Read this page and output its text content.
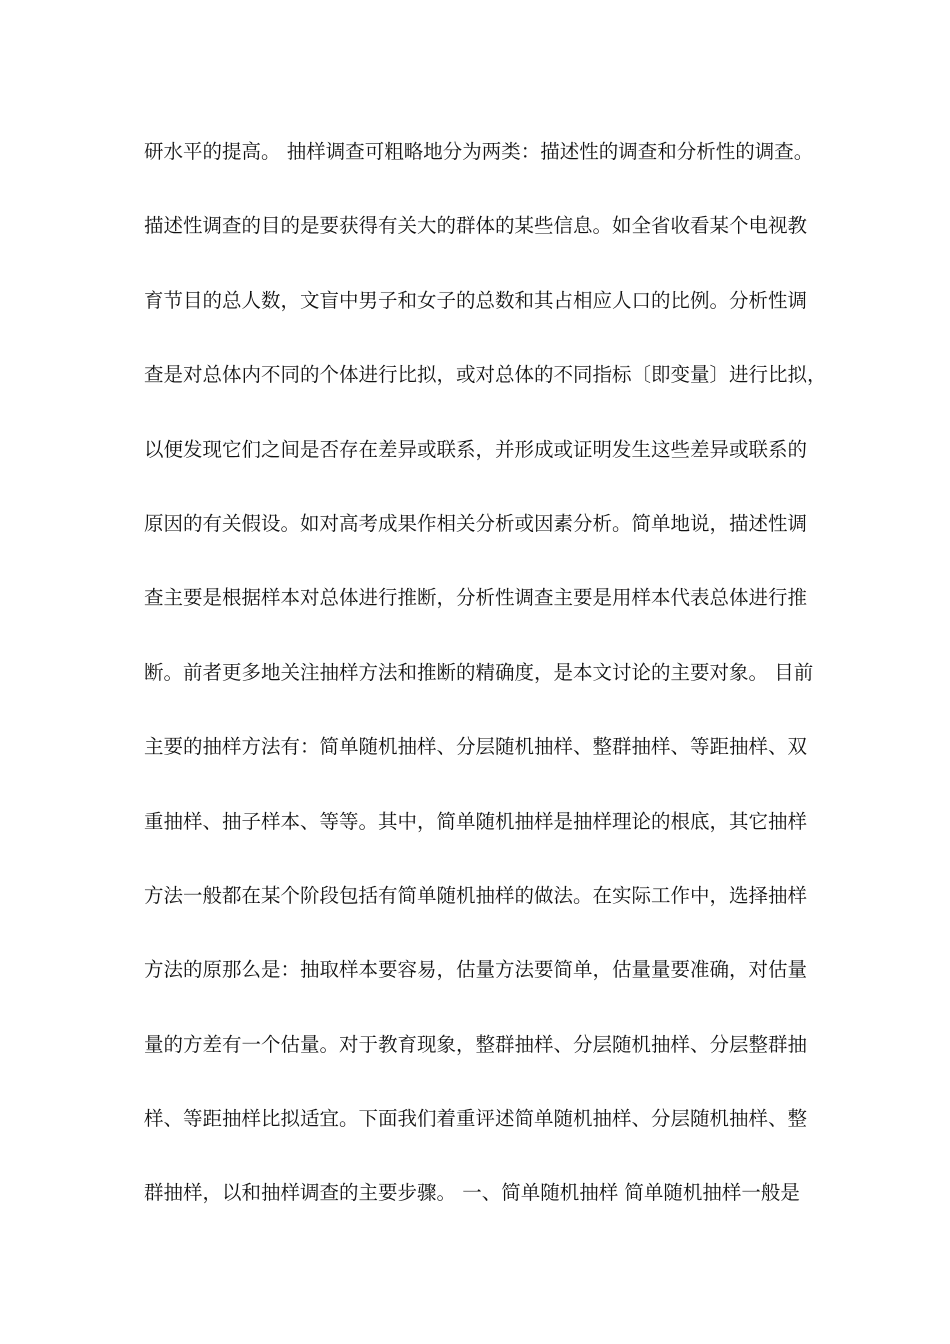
研水平的提高。 抽样调查可粗略地分为两类：描述性的调查和分析性的调查。
描述性调查的目的是要获得有关大的群体的某些信息。如全省收看某个电视教
育节目的总人数，文盲中男子和女子的总数和其占相应人口的比例。分析性调
查是对总体内不同的个体进行比拟，或对总体的不同指标〔即变量〕进行比拟，
以便发现它们之间是否存在差异或联系，并形成或证明发生这些差异或联系的
原因的有关假设。如对高考成果作相关分析或因素分析。简单地说，描述性调
查主要是根据样本对总体进行推断，分析性调查主要是用样本代表总体进行推
断。前者更多地关注抽样方法和推断的精确度，是本文讨论的主要对象。 目前
主要的抽样方法有：简单随机抽样、分层随机抽样、整群抽样、等距抽样、双
重抽样、抽子样本、等等。其中，简单随机抽样是抽样理论的根底，其它抽样
方法一般都在某个阶段包括有简单随机抽样的做法。在实际工作中，选择抽样
方法的原那么是：抽取样本要容易，估量方法要简单，估量量要准确，对估量
量的方差有一个估量。对于教育现象，整群抽样、分层随机抽样、分层整群抽
样、等距抽样比拟适宜。下面我们着重评述简单随机抽样、分层随机抽样、整
群抽样，以和抽样调查的主要步骤。 一、简单随机抽样 简单随机抽样一般是
